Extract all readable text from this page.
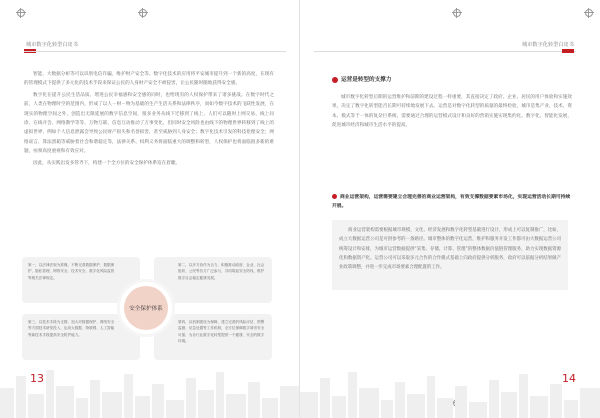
城市数字化转型白皮书

智能、大数据分析等可以识别电信诈骗，维护财产安全等。数字化技术的应用将平安城市提升到一个新的高度，在现有的管理模式下提供了多元化的技术手段来保证公民的人身财产安全不被侵害，让公民随时随地获得安全感。

数字化在提升公民生活品质、增进公民幸福感和安全感的同时，也给现有的人权保护带来了诸多挑战。在数字时代之前，人类在物理时空的范围内，形成了以人－财－物为基础的生产生活关系和法律秩序，而如今数字技术的飞跃性发展，在现实的物理空间之外，创造出无限延展的数字信息空间，很多业务从线下迁移到了线上，人们可以随时上网交易、线上问诊、在线开会、网络教学等等，万物互联，信息互动推动了万事变化，但同时安全风险也由线下的物理世界转移到了线上的虚拟世界，例如个人信息泄露会导致公民财产损失和名誉损害，甚至威胁到人身安全；数字化技术引发的科技伦理安全；网络谣言、算法黑箱等威胁着社会和谐稳定等，法律关系、权利义务将面临重大的调整和转型，人权保护也将面临很多新的难题，亟须高度重视和有效应对。

因此，从实践出发多管齐下，构建一个全方位的安全保护体系迫在眉睫。

第一，以法律法规为准绳，不断完善数据保护、数据保护、隐私管理、网络安全、技术安全、数字化风险监管等相关法律规定。
第二，以多方协作为合力，积极推动政府、企业、社会组织、公民等各方广泛参与，共同筑起安全防线，维护数字社会稳定健康发展。
第三，以技术手段为支撑，加大对数据保护、网络安全等方面技术研发投入，运用大数据、物联网、人工智能等新技术手段提高安全防护能力。
第四，以机制建设为保障，建立完善的风险评估、预警监测、应急处置等工作机制，全方位保障数字城市安全可靠，为各行业数字化转型提供一个健康、安全的数字环境。
安全保护体系
13
城市数字化转型白皮书
运营是转型的支撑力

城市数字化转型后期的运营维护和前期的建设过程一样重要，其直接决定了政府、企业、居民的用户体验和实施效果，决定了数字化转型能否长期可持续地发展下去。运营是对数字化转型的质量的最终检验，城市是集产业、技术、资本、模式等于一体的复杂巨系统，需要通过合理的运营模式设计和良好的营销实施实现集约化、数字化、智能化发展，促进城市经济和城市生活水平的提高。

商业运营架构，运营需要建立合理完善的商业运营架构，有效支撑数据要素市场化，实现运营活动长期可持续开展。
商业运营架构需要根据城市规模、文化、经济发展和数字化转型基础进行设计，形成上可以复制推广，比如，成立大数据运营公司是可供参考的一条路径。城市整体的数字化运营，维护和服务开发工作都可由大数据运营公司统筹设计和安排，为城市运营数据提供“采集、存储、计算、管理”的整体数据价值链管理服务，助力实现数据资源化和数据资产化。运营公司可以采取多元合作的合作模式基础上向政府提供分析服务，政府可以依据分析结果做产业政策调整，并进一步完成市场要素合理配置的工作。
14
